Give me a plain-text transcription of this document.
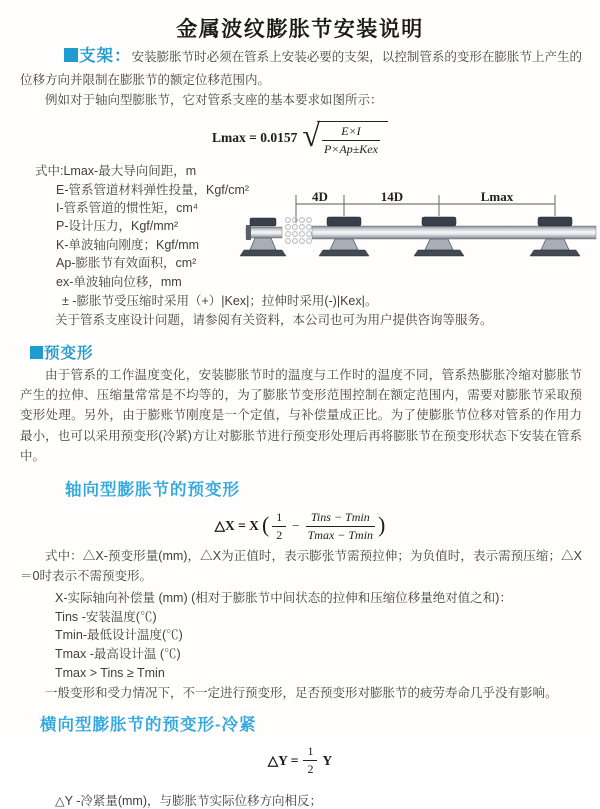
金属波纹膨胀节安装说明

支架：安装膨胀节时必须在管系上安装必要的支架，以控制管系的变形在膨胀节上产生的位移方向并限制在膨胀节的额定位移范围内。

例如对于轴向型膨胀节，它对管系支座的基本要求如图所示：

Lmax = 0.0157 √ $\frac{E\times I}{\text{P×Ap±Kex}}$
式中:Lmax-最大导向间距，m
E-管系管道材料弹性投量，Kgf/cm²
I-管系管道的惯性矩，cm⁴
P-设计压力，Kgf/mm²
K-单波轴向刚度；Kgf/mm
Ap-膨胀节有效面积，cm²
ex-单波轴向位移，mm
4D	14D	Lmax
± -膨胀节受压缩时采用（+）|Kex|；拉伸时采用(-)|Kex|。
关于管系支座设计问题，请参阅有关资料，本公司也可为用户提供咨询等服务。
预变形

由于管系的工作温度变化，安装膨胀节时的温度与工作时的温度不同，管系热膨胀冷缩对膨胀节产生的拉伸、压缩量常常是不均等的，为了膨胀节变形范围控制在额定范围内，需要对膨胀节采取预变形处理。另外，由于膨账节刚度是一个定值，与补偿量成正比。为了使膨胀节位移对管系的作用力最小，也可以采用预变形(冷紧)方让对膨胀节进行预变形处理后再将膨胀节在预变形状态下安装在管系中。

轴向型膨胀节的预变形
△X = X ( $\frac{1}{2} - \frac{\text{Tins − Tmin}}{Tmax - Tmin}$ )

式中：△X-预变形量(mm)，△X为正值时，表示膨张节需预拉伸；为负值时，表示需预压缩；△X＝0时表示不需预变形。

X-实际轴向补偿量 (mm) (相对于膨胀节中间状态的拉伸和压缩位移量绝对值之和)：
Tins -安装温度(℃)
Tmin-最低设计温度(℃)
Tmax -最高设计温 (℃)
Tmax > Tins ≥ Tmin

一般变形和受力情况下，不一定进行预变形，足否预变形对膨胀节的疲劳寿命几乎没有影响。

横向型膨胀节的预变形-冷紧
△Y = $\frac{1}{2}$ Y
△Y -冷紧量(mm)，与膨胀节实际位移方向相反；
